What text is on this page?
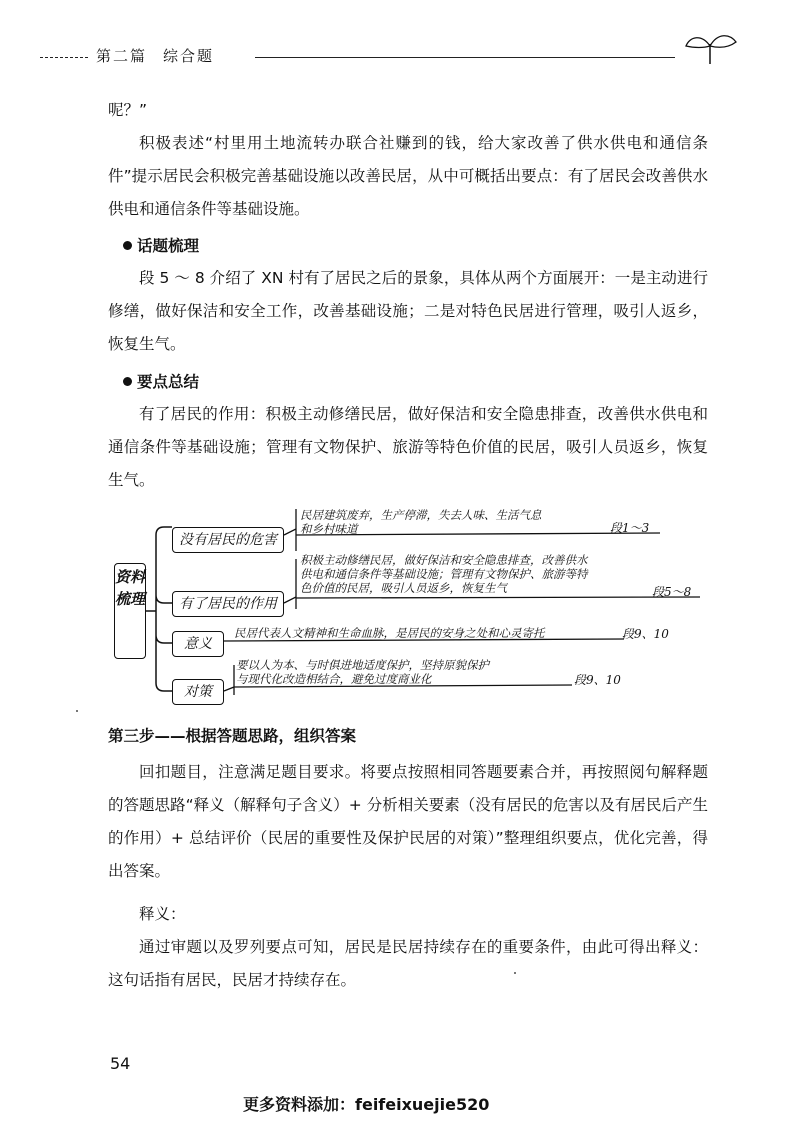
第二篇 综合题

呢？”

积极表述“村里用土地流转办联合社赚到的钱，给大家改善了供水供电和通信条件”提示居民会积极完善基础设施以改善民居，从中可概括出要点：有了居民会改善供水供电和通信条件等基础设施。

话题梳理

段 5 ～ 8 介绍了 XN 村有了居民之后的景象，具体从两个方面展开：一是主动进行修缮，做好保洁和安全工作，改善基础设施；二是对特色民居进行管理，吸引人返乡，恢复生气。

要点总结

有了居民的作用：积极主动修缮民居，做好保洁和安全隐患排查，改善供水供电和通信条件等基础设施；管理有文物保护、旅游等特色价值的民居，吸引人员返乡，恢复生气。

资料梳理
没有居民的危害
有了居民的作用
意义
对策
民居建筑废弃，生产停滞，失去人味、生活气息
和乡村味道	段1～3
积极主动修缮民居，做好保洁和安全隐患排查，改善供水
供电和通信条件等基础设施；管理有文物保护、旅游等特
色价值的民居，吸引人员返乡，恢复生气	段5～8
民居代表人文精神和生命血脉，是居民的安身之处和心灵寄托	段9、10
要以人为本、与时俱进地适度保护，坚持原貌保护
与现代化改造相结合，避免过度商业化	段9、10
第三步——根据答题思路，组织答案

回扣题目，注意满足题目要求。将要点按照相同答题要素合并，再按照阅句解释题的答题思路“释义（解释句子含义）+ 分析相关要素（没有居民的危害以及有居民后产生的作用）+ 总结评价（民居的重要性及保护民居的对策）”整理组织要点，优化完善，得出答案。

释义：

通过审题以及罗列要点可知，居民是民居持续存在的重要条件，由此可得出释义：这句话指有居民，民居才持续存在。

54
更多资料添加：feifeixuejie520
